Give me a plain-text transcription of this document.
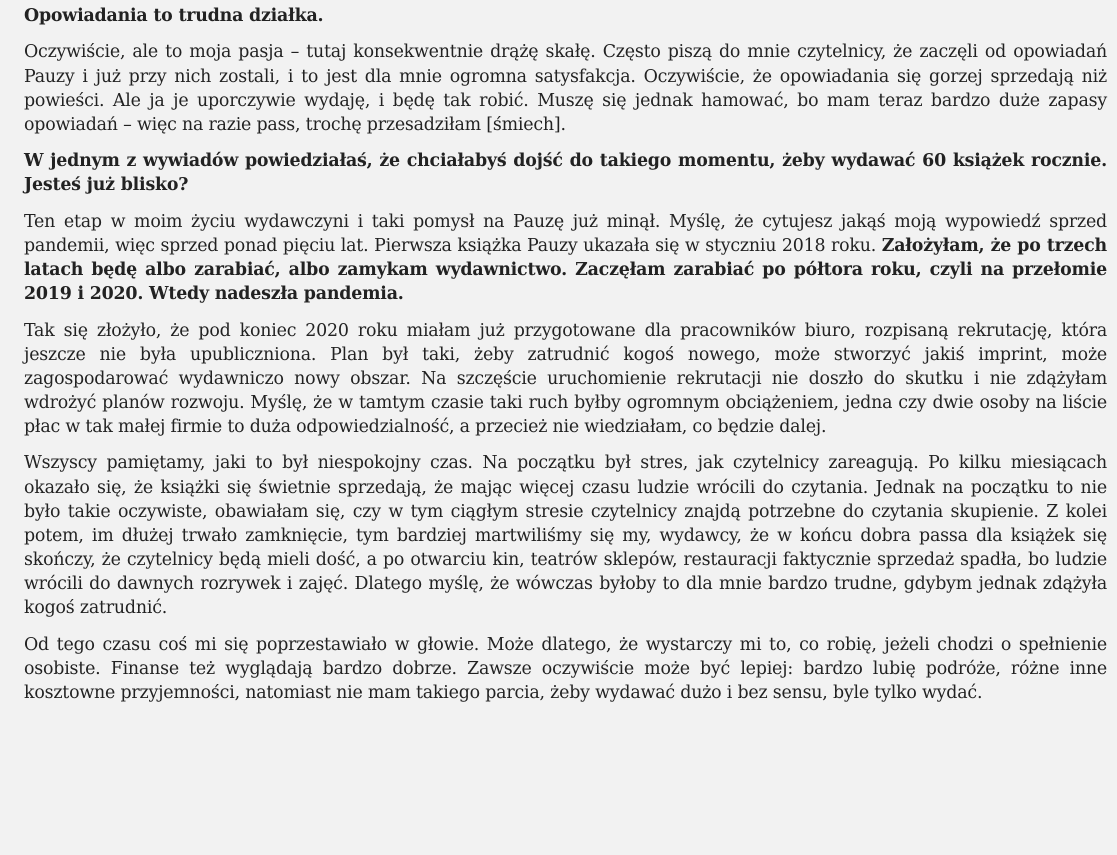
Opowiadania to trudna działka.

Oczywiście, ale to moja pasja – tutaj konsekwentnie drążę skałę. Często piszą do mnie czytelnicy, że zaczęli od opowiadań Pauzy i już przy nich zostali, i to jest dla mnie ogromna satysfakcja. Oczywiście, że opowiadania się gorzej sprzedają niż powieści. Ale ja je uporczywie wydaję, i będę tak robić. Muszę się jednak hamować, bo mam teraz bardzo duże zapasy opowiadań – więc na razie pass, trochę przesadziłam [śmiech].

W jednym z wywiadów powiedziałaś, że chciałabyś dojść do takiego momentu, żeby wydawać 60 książek rocznie. Jesteś już blisko?

Ten etap w moim życiu wydawczyni i taki pomysł na Pauzę już minął. Myślę, że cytujesz jakąś moją wypowiedź sprzed pandemii, więc sprzed ponad pięciu lat. Pierwsza książka Pauzy ukazała się w styczniu 2018 roku. Założyłam, że po trzech latach będę albo zarabiać, albo zamykam wydawnictwo. Zaczęłam zarabiać po półtora roku, czyli na przełomie 2019 i 2020. Wtedy nadeszła pandemia.

Tak się złożyło, że pod koniec 2020 roku miałam już przygotowane dla pracowników biuro, rozpisaną rekrutację, która jeszcze nie była upubliczniona. Plan był taki, żeby zatrudnić kogoś nowego, może stworzyć jakiś imprint, może zagospodarować wydawniczo nowy obszar. Na szczęście uruchomienie rekrutacji nie doszło do skutku i nie zdążyłam wdrożyć planów rozwoju. Myślę, że w tamtym czasie taki ruch byłby ogromnym obciążeniem, jedna czy dwie osoby na liście płac w tak małej firmie to duża odpowiedzialność, a przecież nie wiedziałam, co będzie dalej.

Wszyscy pamiętamy, jaki to był niespokojny czas. Na początku był stres, jak czytelnicy zareagują. Po kilku miesiącach okazało się, że książki się świetnie sprzedają, że mając więcej czasu ludzie wrócili do czytania. Jednak na początku to nie było takie oczywiste, obawiałam się, czy w tym ciągłym stresie czytelnicy znajdą potrzebne do czytania skupienie. Z kolei potem, im dłużej trwało zamknięcie, tym bardziej martwiliśmy się my, wydawcy, że w końcu dobra passa dla książek się skończy, że czytelnicy będą mieli dość, a po otwarciu kin, teatrów sklepów, restauracji faktycznie sprzedaż spadła, bo ludzie wrócili do dawnych rozrywek i zajęć. Dlatego myślę, że wówczas byłoby to dla mnie bardzo trudne, gdybym jednak zdążyła kogoś zatrudnić.

Od tego czasu coś mi się poprzestawiało w głowie. Może dlatego, że wystarczy mi to, co robię, jeżeli chodzi o spełnienie osobiste. Finanse też wyglądają bardzo dobrze. Zawsze oczywiście może być lepiej: bardzo lubię podróże, różne inne kosztowne przyjemności, natomiast nie mam takiego parcia, żeby wydawać dużo i bez sensu, byle tylko wydać.
